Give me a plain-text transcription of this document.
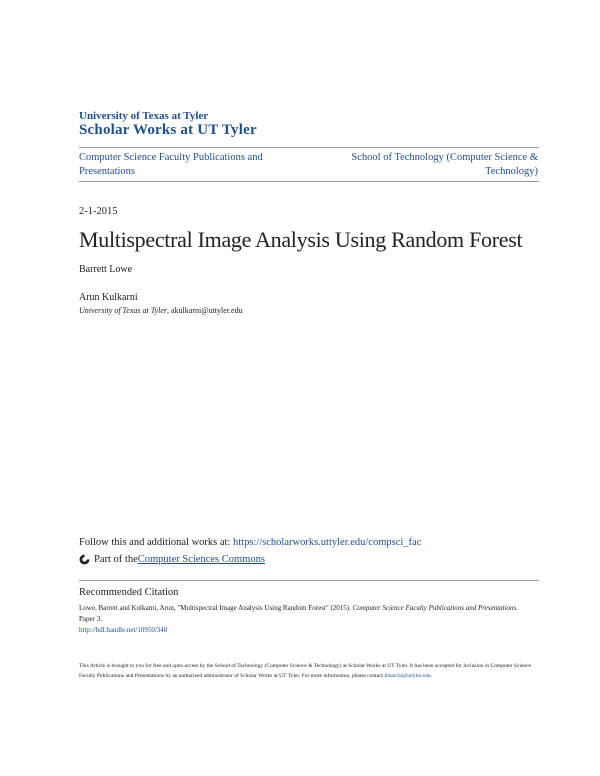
University of Texas at Tyler
Scholar Works at UT Tyler
Computer Science Faculty Publications and Presentations
School of Technology (Computer Science & Technology)
2-1-2015
Multispectral Image Analysis Using Random Forest
Barrett Lowe
Arun Kulkarni
University of Texas at Tyler, akulkarni@uttyler.edu
Follow this and additional works at: https://scholarworks.uttyler.edu/compsci_fac
Part of the Computer Sciences Commons
Recommended Citation
Lowe, Barrett and Kulkarni, Arun, "Multispectral Image Analysis Using Random Forest" (2015). Computer Science Faculty Publications and Presentations. Paper 3.
http://hdl.handle.net/10950/340
This Article is brought to you for free and open access by the School of Technology (Computer Science & Technology) at Scholar Works at UT Tyler. It has been accepted for inclusion in Computer Science Faculty Publications and Presentations by an authorized administrator of Scholar Works at UT Tyler. For more information, please contact tbianchi@uttyler.edu.
